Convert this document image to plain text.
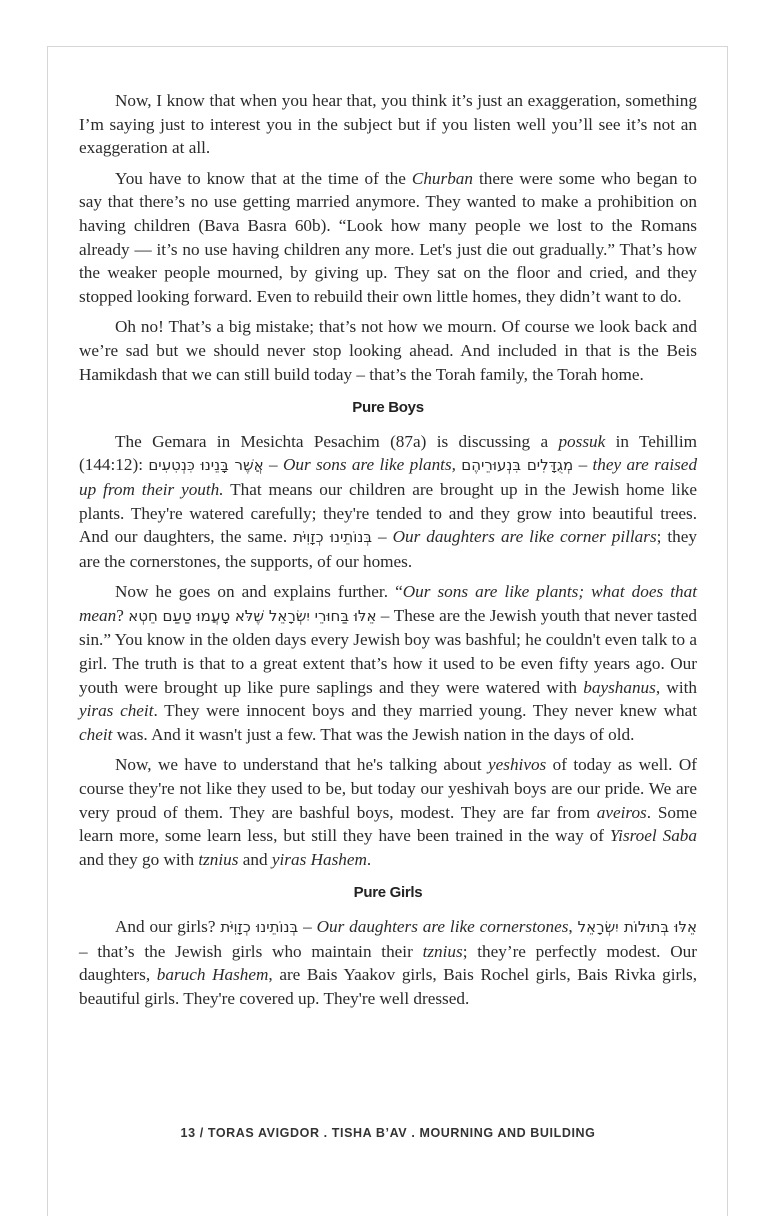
Now, I know that when you hear that, you think it’s just an exaggeration, something I’m saying just to interest you in the subject but if you listen well you’ll see it’s not an exaggeration at all.

You have to know that at the time of the Churban there were some who began to say that there’s no use getting married anymore. They wanted to make a prohibition on having children (Bava Basra 60b). “Look how many people we lost to the Romans already — it’s no use having children any more. Let's just die out gradually.” That’s how the weaker people mourned, by giving up. They sat on the floor and cried, and they stopped looking forward. Even to rebuild their own little homes, they didn’t want to do.

Oh no! That’s a big mistake; that’s not how we mourn. Of course we look back and we’re sad but we should never stop looking ahead. And included in that is the Beis Hamikdash that we can still build today – that’s the Torah family, the Torah home.

Pure Boys

The Gemara in Mesichta Pesachim (87a) is discussing a possuk in Tehillim (144:12): אֲשֶׁר בָּנֵינוּ כִּנְטִעִים – Our sons are like plants, מְגֻדָּלִים בִּנְעוּרֵיהֶם – they are raised up from their youth. That means our children are brought up in the Jewish home like plants. They're watered carefully; they're tended to and they grow into beautiful trees. And our daughters, the same. בְּנוֹתֵינוּ כְזָוִיֹּת – Our daughters are like corner pillars; they are the cornerstones, the supports, of our homes.

Now he goes on and explains further. “Our sons are like plants; what does that mean? אֵלּוּ בַּחוּרֵי יִשְׂרָאֵל שֶׁלֹּא טָעֲמוּ טַעַם חֵטְא – These are the Jewish youth that never tasted sin.” You know in the olden days every Jewish boy was bashful; he couldn't even talk to a girl. The truth is that to a great extent that’s how it used to be even fifty years ago. Our youth were brought up like pure saplings and they were watered with bayshanus, with yiras cheit. They were innocent boys and they married young. They never knew what cheit was. And it wasn't just a few. That was the Jewish nation in the days of old.

Now, we have to understand that he's talking about yeshivos of today as well. Of course they're not like they used to be, but today our yeshivah boys are our pride. We are very proud of them. They are bashful boys, modest. They are far from aveiros. Some learn more, some learn less, but still they have been trained in the way of Yisroel Saba and they go with tznius and yiras Hashem.

Pure Girls

And our girls? בְּנוֹתֵינוּ כְזָוִיֹּת – Our daughters are like cornerstones, אֵלּוּ בְּתוּלוֹת יִשְׂרָאֵל – that’s the Jewish girls who maintain their tznius; they’re perfectly modest. Our daughters, baruch Hashem, are Bais Yaakov girls, Bais Rochel girls, Bais Rivka girls, beautiful girls. They're covered up. They're well dressed.

13 / TORAS AVIGDOR . TISHA B’AV . MOURNING AND BUILDING
